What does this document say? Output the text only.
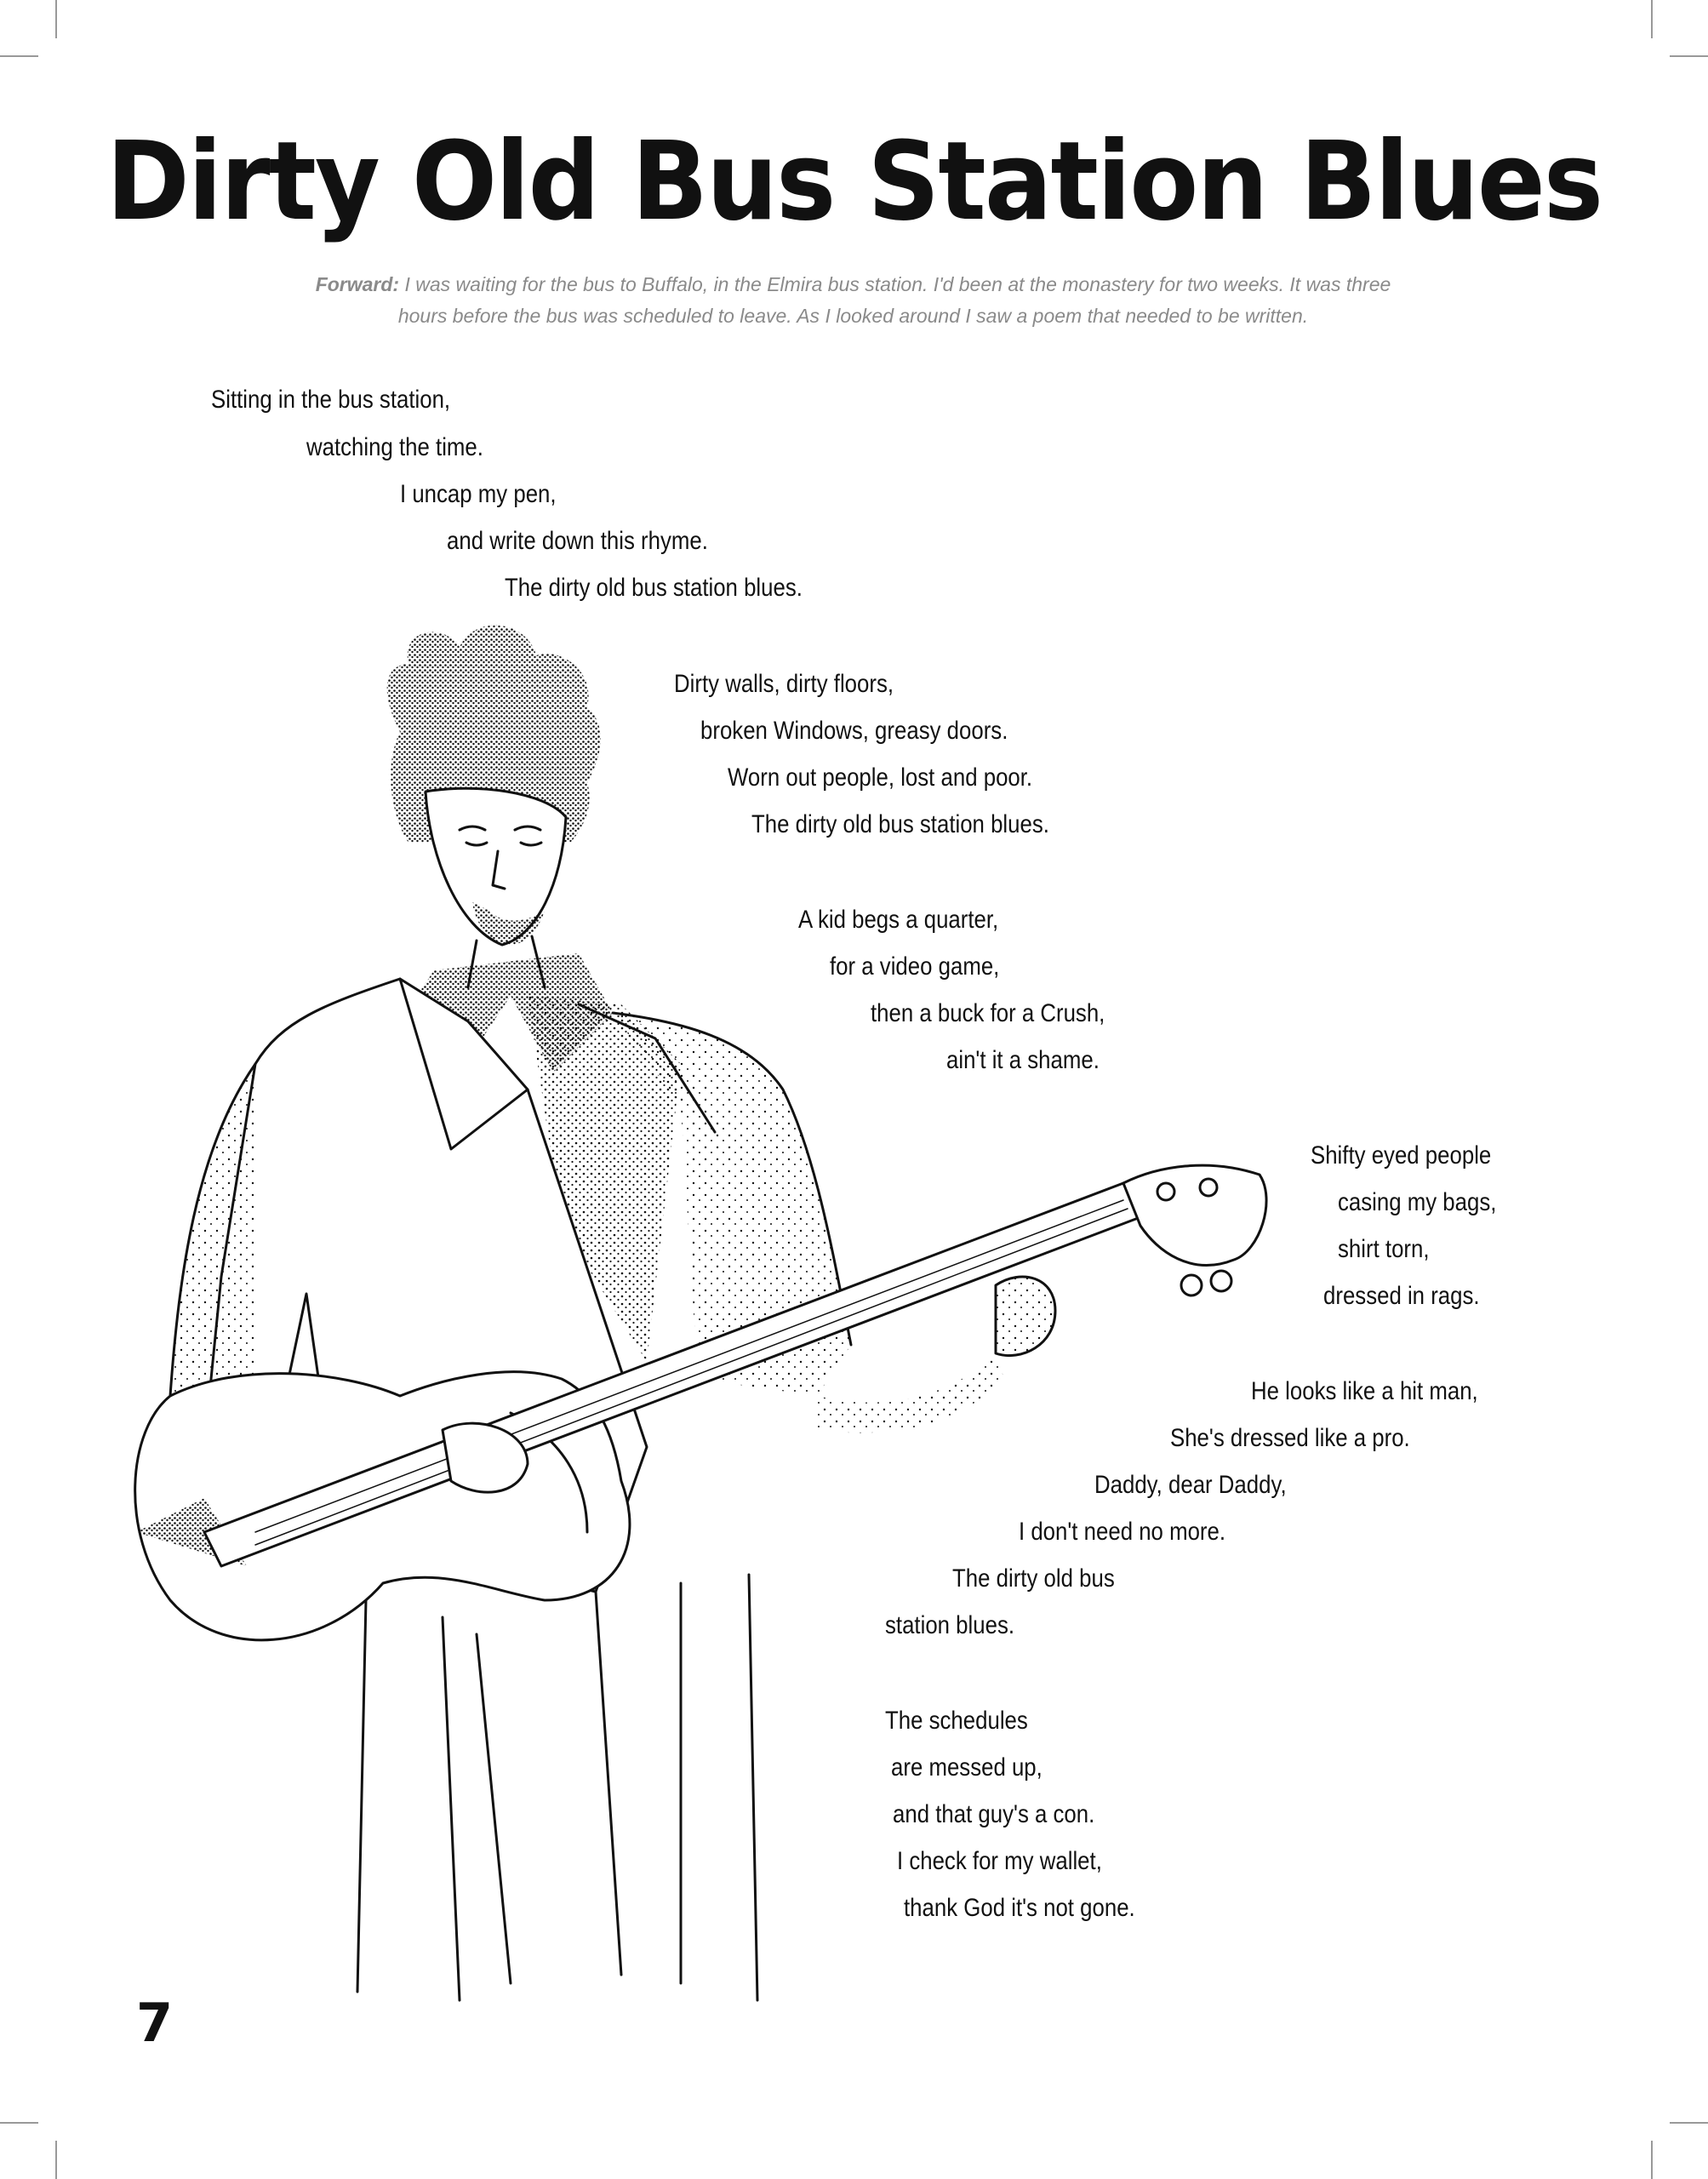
Dirty Old Bus Station Blues
Forward: I was waiting for the bus to Buffalo, in the Elmira bus station. I'd been at the monastery for two weeks. It was three hours before the bus was scheduled to leave. As I looked around I saw a poem that needed to be written.
Sitting in the bus station,
watching the time.
I uncap my pen,
and write down this rhyme.
The dirty old bus station blues.
Dirty walls, dirty floors,
broken Windows, greasy doors.
Worn out people, lost and poor.
The dirty old bus station blues.
A kid begs a quarter,
for a video game,
then a buck for a Crush,
ain't it a shame.
Shifty eyed people
casing my bags,
shirt torn,
dressed in rags.
He looks like a hit man,
She's dressed like a pro.
Daddy, dear Daddy,
I don't need no more.
The dirty old bus
station blues.
The schedules
are messed up,
and that guy's a con.
I check for my wallet,
thank God it's not gone.
7
